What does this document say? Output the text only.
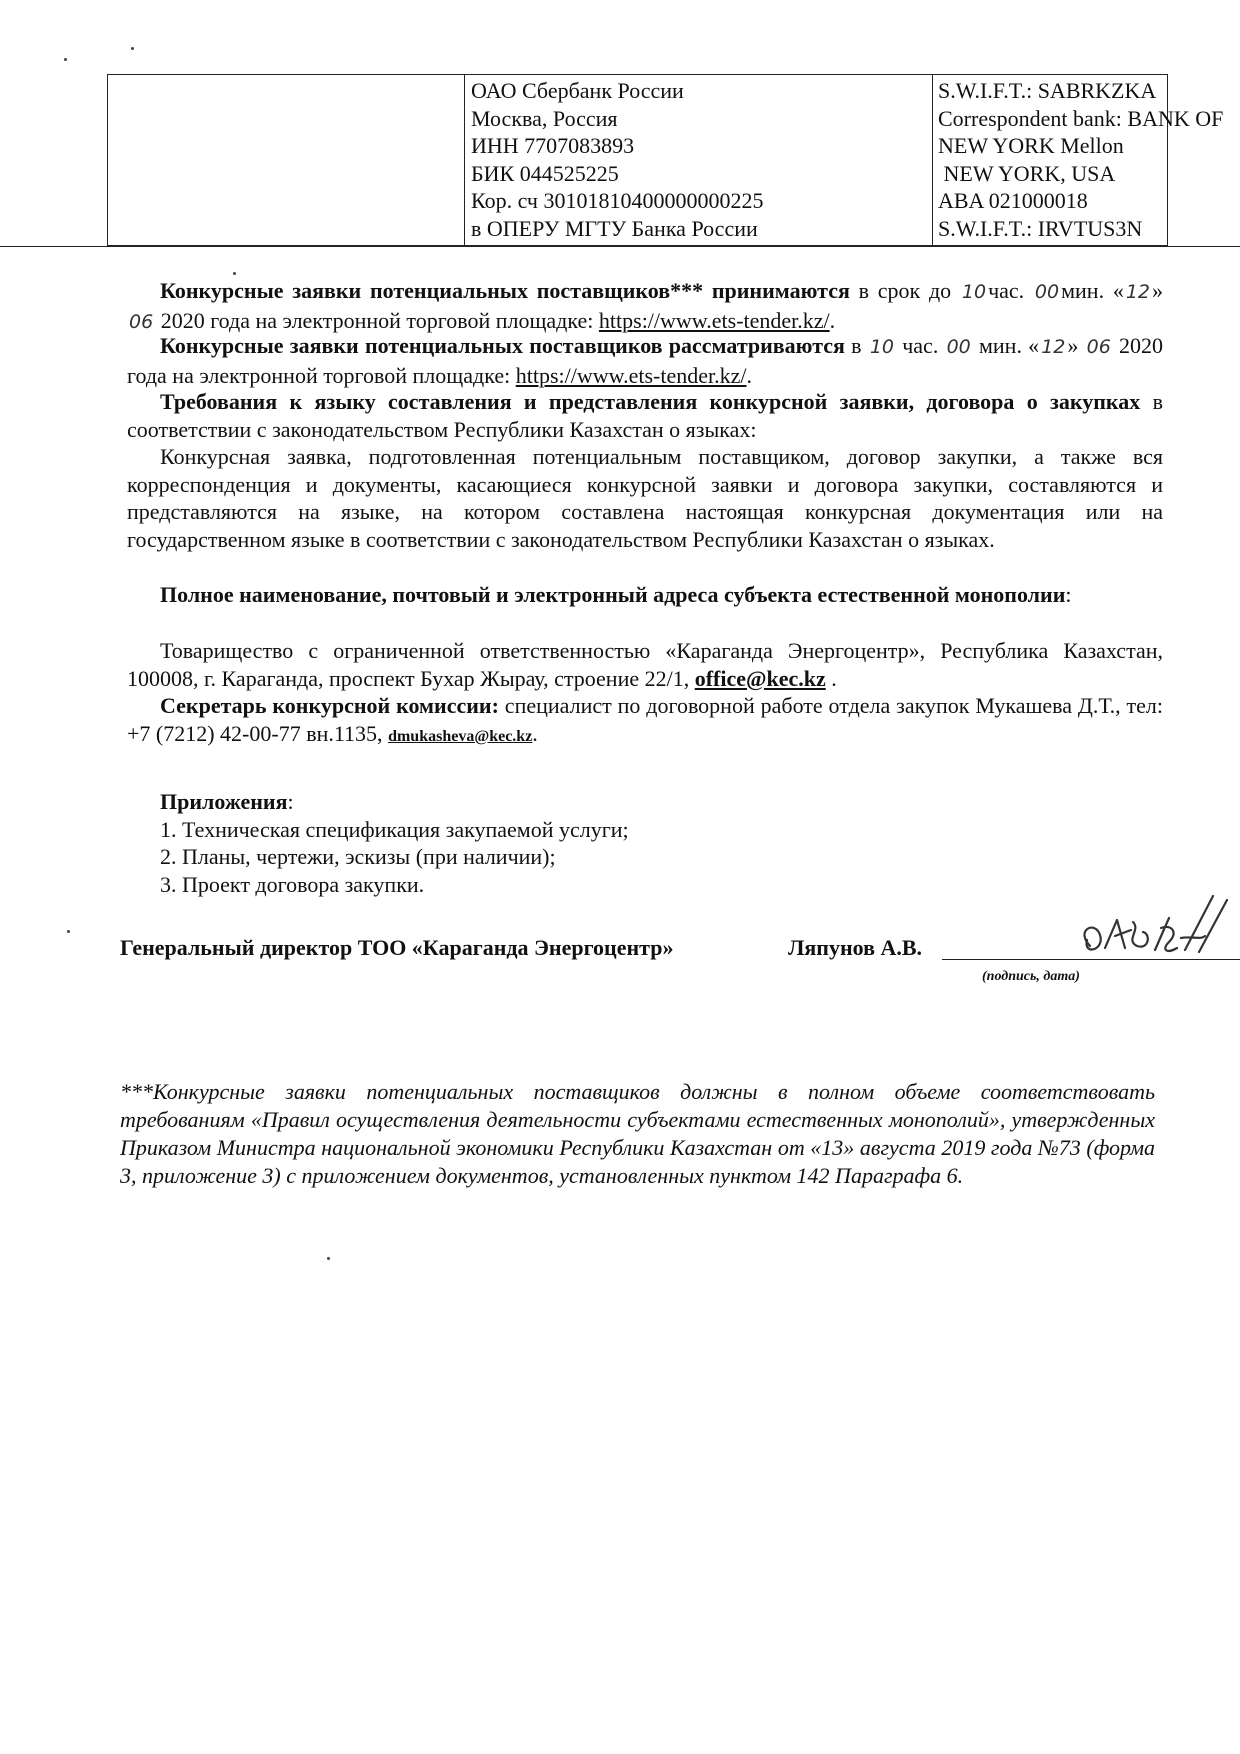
ОАО Сбербанк России
Москва, Россия
ИНН 7707083893
БИК 044525225
Кор. сч 30101810400000000225
в ОПЕРУ МГТУ Банка России
S.W.I.F.T.: SABRKZKA
Correspondent bank: BANK OF
NEW YORK Mellon
NEW YORK, USA
ABA 021000018
S.W.I.F.T.: IRVTUS3N
Конкурсные заявки потенциальных поставщиков*** принимаются в срок до 10час. 00мин. « 12» 06 2020 года на электронной торговой площадке: https://www.ets-tender.kz/.
Конкурсные заявки потенциальных поставщиков рассматриваются в 10 час. 00 мин. « 12» 06 2020 года на электронной торговой площадке: https://www.ets-tender.kz/.
Требования к языку составления и представления конкурсной заявки, договора о закупках в соответствии с законодательством Республики Казахстан о языках:
Конкурсная заявка, подготовленная потенциальным поставщиком, договор закупки, а также вся корреспонденция и документы, касающиеся конкурсной заявки и договора закупки, составляются и представляются на языке, на котором составлена настоящая конкурсная документация или на государственном языке в соответствии с законодательством Республики Казахстан о языках.
Полное наименование, почтовый и электронный адреса субъекта естественной монополии:
Товарищество с ограниченной ответственностью «Караганда Энергоцентр», Республика Казахстан, 100008, г. Караганда, проспект Бухар Жырау, строение 22/1, office@kec.kz .
Секретарь конкурсной комиссии: специалист по договорной работе отдела закупок Мукашева Д.Т., тел: +7 (7212) 42-00-77 вн.1135, dmukasheva@kec.kz.
Приложения:
1. Техническая спецификация закупаемой услуги;
2. Планы, чертежи, эскизы (при наличии);
3. Проект договора закупки.
Генеральный директор ТОО «Караганда Энергоцентр»	Ляпунов А.В.
(подпись, дата)
***Конкурсные заявки потенциальных поставщиков должны в полном объеме соответствовать требованиям «Правил осуществления деятельности субъектами естественных монополий», утвержденных Приказом Министра национальной экономики Республики Казахстан от «13» августа 2019 года №73 (форма 3, приложение 3) с приложением документов, установленных пунктом 142 Параграфа 6.
